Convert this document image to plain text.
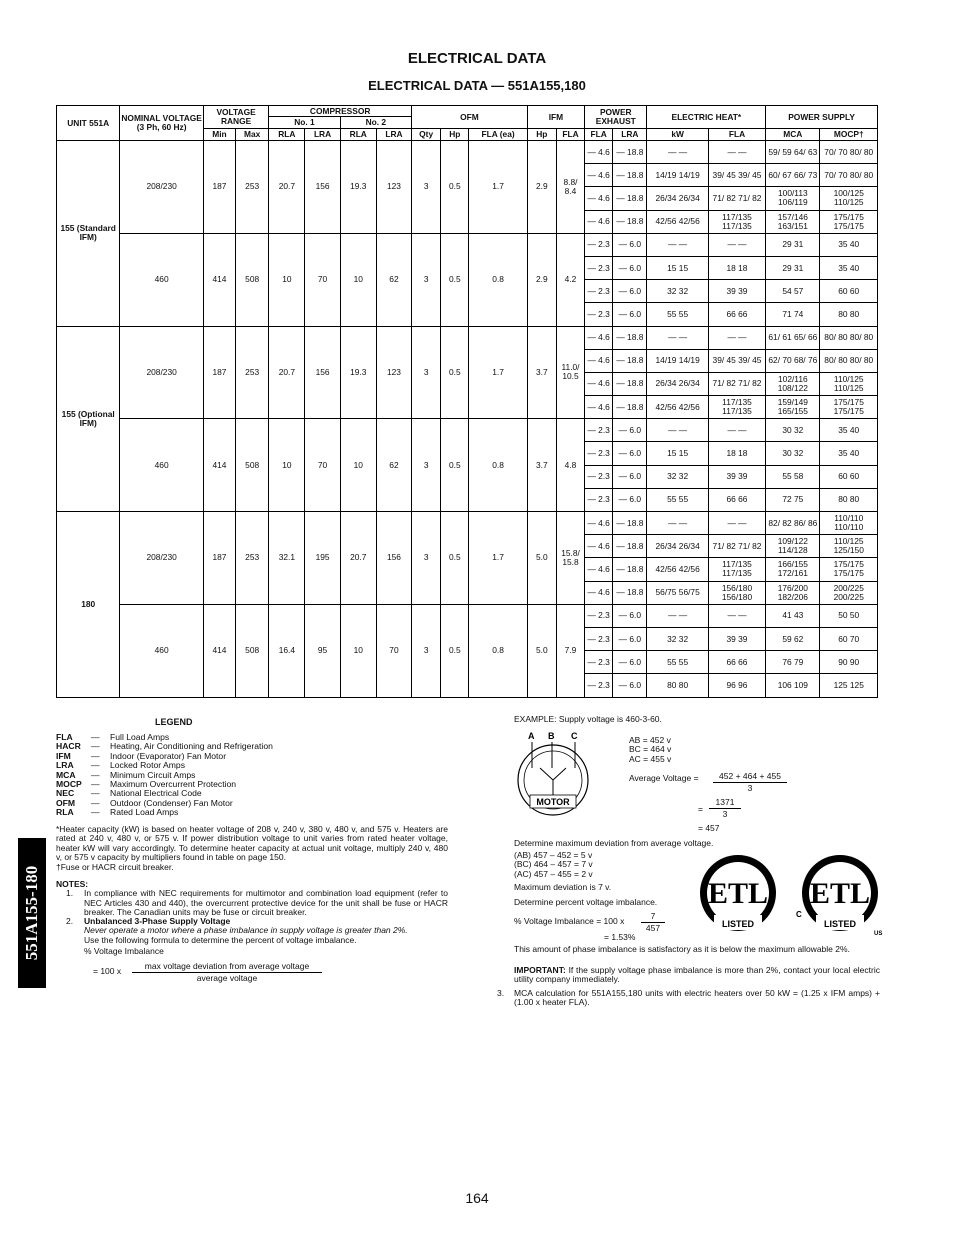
ELECTRICAL DATA
ELECTRICAL DATA — 551A155,180
UNIT 551A	NOMINAL VOLTAGE
(3 Ph, 60 Hz)	VOLTAGE RANGE		COMPRESSOR				OFM			IFM		POWER EXHAUST		ELECTRIC HEAT*		POWER SUPPLY	
				No. 1		No. 2												
		Min	Max	RLA	LRA	RLA	LRA	Qty	Hp	FLA (ea)	Hp	FLA	FLA	LRA	kW	FLA	MCA	MOCP†
155 (Standard IFM)	208/230	187	253	20.7	156	19.3	123	3	0.5	1.7	2.9	8.8/ 8.4	— 4.6	— 18.8	— —	— —	59/ 59 64/ 63	70/ 70 80/ 80
													— 4.6	— 18.8	14/19 14/19	39/ 45 39/ 45	60/ 67 66/ 73	70/ 70 80/ 80
													— 4.6	— 18.8	26/34 26/34	71/ 82 71/ 82	100/113 106/119	100/125 110/125
													— 4.6	— 18.8	42/56 42/56	117/135 117/135	157/146 163/151	175/175 175/175
	460	414	508	10	70	10	62	3	0.5	0.8	2.9	4.2	— 2.3	— 6.0	— —	— —	29 31	35 40
													— 2.3	— 6.0	15 15	18 18	29 31	35 40
													— 2.3	— 6.0	32 32	39 39	54 57	60 60
													— 2.3	— 6.0	55 55	66 66	71 74	80 80
155 (Optional IFM)	208/230	187	253	20.7	156	19.3	123	3	0.5	1.7	3.7	11.0/ 10.5	— 4.6	— 18.8	— —	— —	61/ 61 65/ 66	80/ 80 80/ 80
													— 4.6	— 18.8	14/19 14/19	39/ 45 39/ 45	62/ 70 68/ 76	80/ 80 80/ 80
													— 4.6	— 18.8	26/34 26/34	71/ 82 71/ 82	102/116 108/122	110/125 110/125
													— 4.6	— 18.8	42/56 42/56	117/135 117/135	159/149 165/155	175/175 175/175
	460	414	508	10	70	10	62	3	0.5	0.8	3.7	4.8	— 2.3	— 6.0	— —	— —	30 32	35 40
													— 2.3	— 6.0	15 15	18 18	30 32	35 40
													— 2.3	— 6.0	32 32	39 39	55 58	60 60
													— 2.3	— 6.0	55 55	66 66	72 75	80 80
180	208/230	187	253	32.1	195	20.7	156	3	0.5	1.7	5.0	15.8/ 15.8	— 4.6	— 18.8	— —	— —	82/ 82 86/ 86	110/110 110/110
													— 4.6	— 18.8	26/34 26/34	71/ 82 71/ 82	109/122 114/128	110/125 125/150
													— 4.6	— 18.8	42/56 42/56	117/135 117/135	166/155 172/161	175/175 175/175
													— 4.6	— 18.8	56/75 56/75	156/180 156/180	176/200 182/206	200/225 200/225
	460	414	508	16.4	95	10	70	3	0.5	0.8	5.0	7.9	— 2.3	— 6.0	— —	— —	41 43	50 50
													— 2.3	— 6.0	32 32	39 39	59 62	60 70
													— 2.3	— 6.0	55 55	66 66	76 79	90 90
													— 2.3	— 6.0	80 80	96 96	106 109	125 125
LEGEND
FLA	—	Full Load Amps
HACR	—	Heating, Air Conditioning and Refrigeration
IFM	—	Indoor (Evaporator) Fan Motor
LRA	—	Locked Rotor Amps
MCA	—	Minimum Circuit Amps
MOCP	—	Maximum Overcurrent Protection
NEC	—	National Electrical Code
OFM	—	Outdoor (Condenser) Fan Motor
RLA	—	Rated Load Amps
*Heater capacity (kW) is based on heater voltage of 208 v, 240 v, 380 v, 480 v, and 575 v. Heaters are rated at 240 v, 480 v, or 575 v. If power distribution voltage to unit varies from rated heater voltage, heater kW will vary accordingly. To determine heater capacity at actual unit voltage, multiply 240 v, 480 v, or 575 v capacity by multipliers found in table on page 150.
†Fuse or HACR circuit breaker.
NOTES:
1.	In compliance with NEC requirements for multimotor and combination load equipment (refer to NEC Articles 430 and 440), the overcurrent protective device for the unit shall be fuse or HACR breaker. The Canadian units may be fuse or circuit breaker.
2.	Unbalanced 3-Phase Supply Voltage
Never operate a motor where a phase imbalance in supply voltage is greater than 2%.
Use the following formula to determine the percent of voltage imbalance.
% Voltage Imbalance
= 100 x	max voltage deviation from average voltage
average voltage
EXAMPLE: Supply voltage is 460-3-60.
A B C
MOTOR
AB = 452 v
BC = 464 v
AC = 455 v
Average Voltage = $\frac{452 + 464 + 455}{3}$
= $\frac{1371}{3}$
= 457
Determine maximum deviation from average voltage.
(AB) 457 – 452 = 5 v
(BC) 464 – 457 = 7 v
(AC) 457 – 455 = 2 v
Maximum deviation is 7 v.
Determine percent voltage imbalance.
% Voltage Imbalance = 100 x $\frac{7}{457}$
= 1.53%
This amount of phase imbalance is satisfactory as it is below the maximum allowable 2%.
IMPORTANT: If the supply voltage phase imbalance is more than 2%, contact your local electric utility company immediately.
3.	MCA calculation for 551A155,180 units with electric heaters over 50 kW = (1.25 x IFM amps) + (1.00 x heater FLA).
ETL
LISTED
ETL
LISTED
C
US
551A155-180
164
